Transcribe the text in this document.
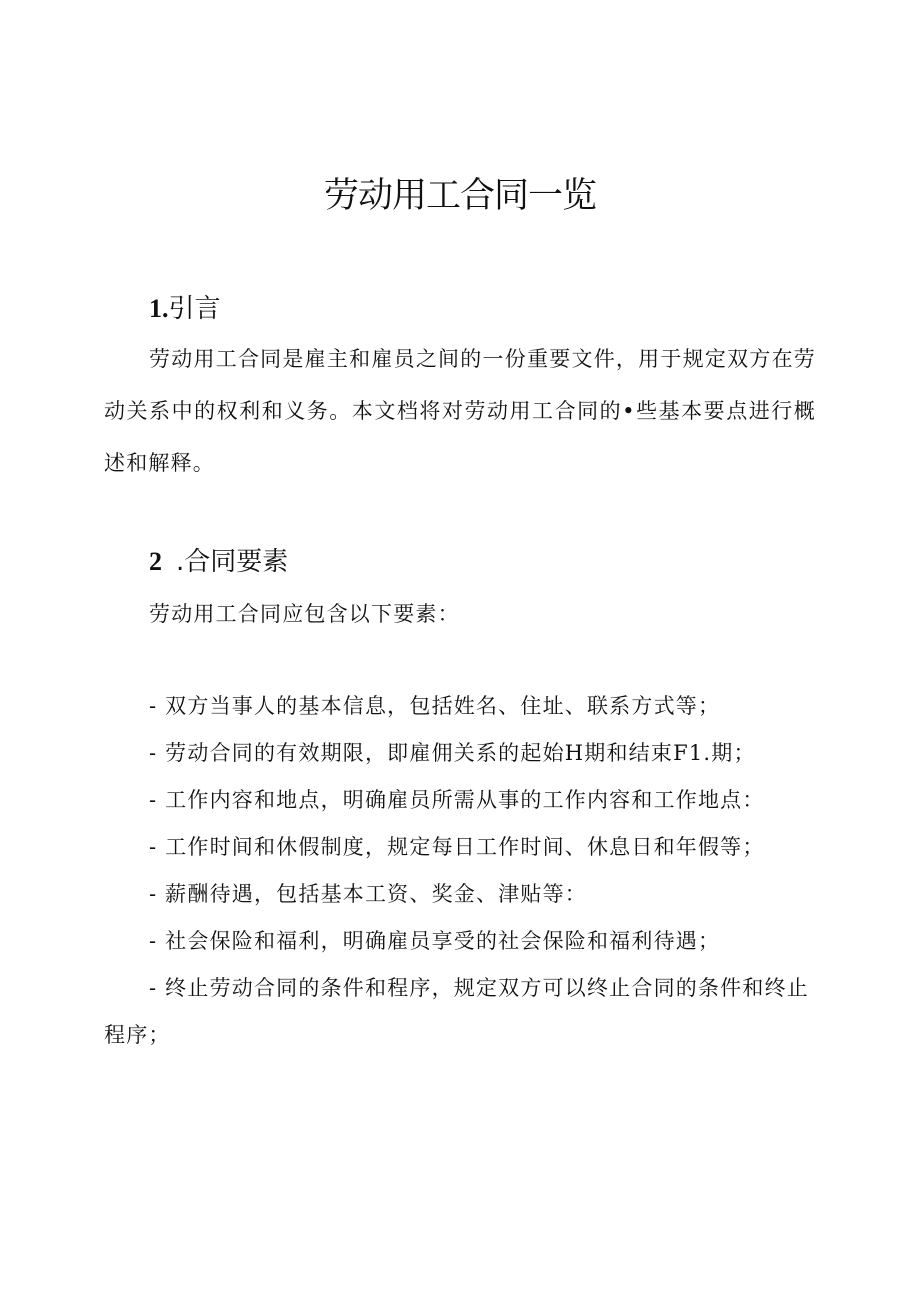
劳动用工合同一览
1.引言
劳动用工合同是雇主和雇员之间的一份重要文件，用于规定双方在劳动关系中的权利和义务。本文档将对劳动用工合同的•些基本要点进行概述和解释。
2 .合同要素
劳动用工合同应包含以下要素：
- 双方当事人的基本信息，包括姓名、住址、联系方式等；
- 劳动合同的有效期限，即雇佣关系的起始H期和结束F1.期；
- 工作内容和地点，明确雇员所需从事的工作内容和工作地点：
- 工作时间和休假制度，规定每日工作时间、休息日和年假等；
- 薪酬待遇，包括基本工资、奖金、津贴等：
- 社会保险和福利，明确雇员享受的社会保险和福利待遇；
- 终止劳动合同的条件和程序，规定双方可以终止合同的条件和终止程序；
